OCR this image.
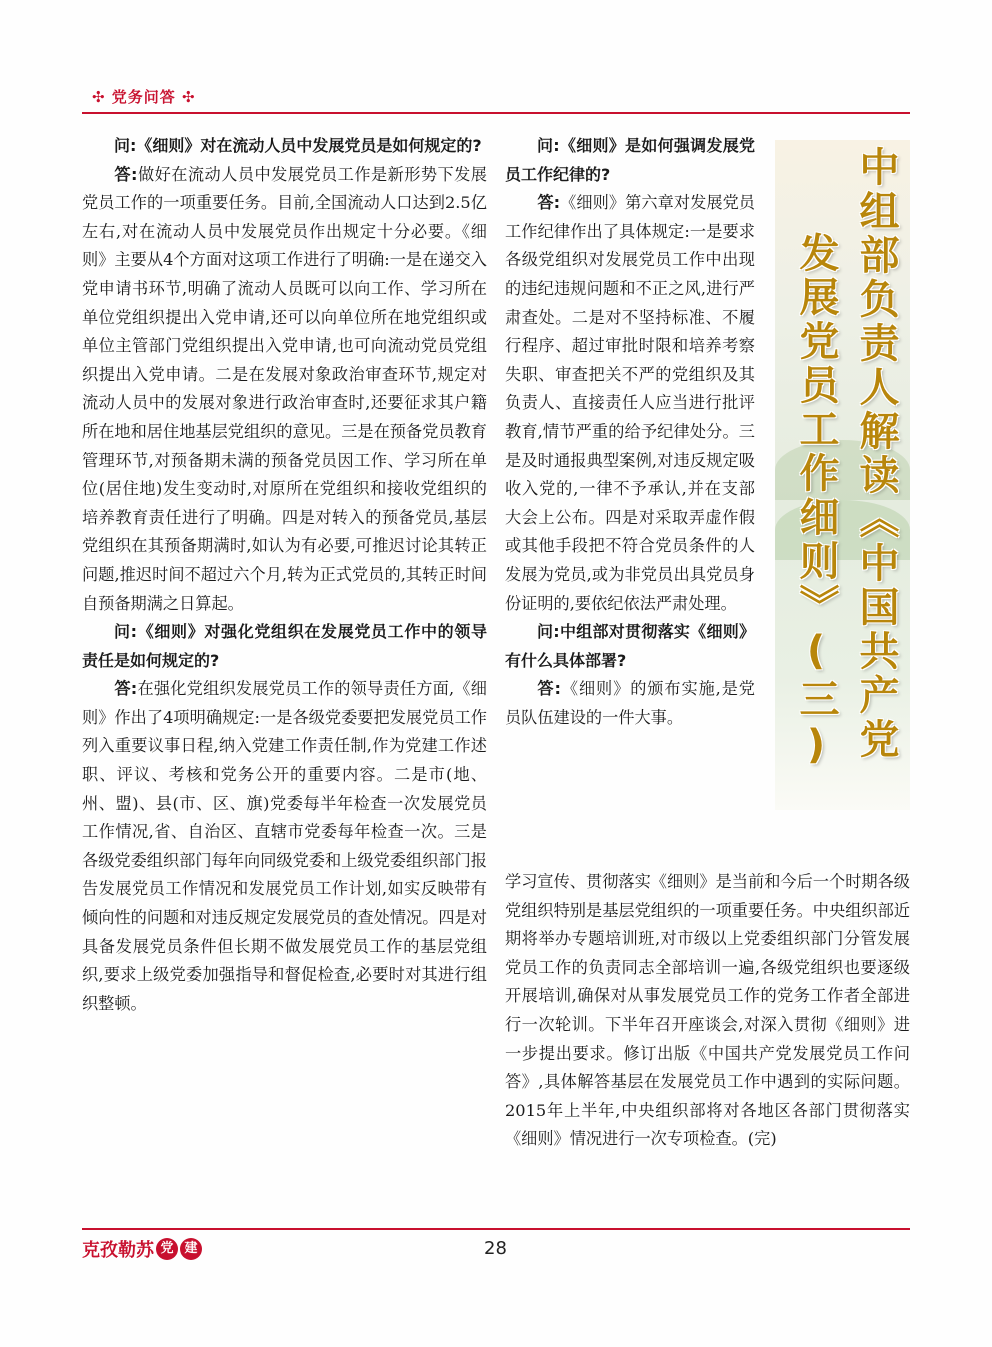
✣ 党务问答 ✣

问:《细则》对在流动人员中发展党员是如何规定的?

答:做好在流动人员中发展党员工作是新形势下发展党员工作的一项重要任务。目前,全国流动人口达到2.5亿左右,对在流动人员中发展党员作出规定十分必要。《细则》主要从4个方面对这项工作进行了明确:一是在递交入党申请书环节,明确了流动人员既可以向工作、学习所在单位党组织提出入党申请,还可以向单位所在地党组织或单位主管部门党组织提出入党申请,也可向流动党员党组织提出入党申请。二是在发展对象政治审查环节,规定对流动人员中的发展对象进行政治审查时,还要征求其户籍所在地和居住地基层党组织的意见。三是在预备党员教育管理环节,对预备期未满的预备党员因工作、学习所在单位(居住地)发生变动时,对原所在党组织和接收党组织的培养教育责任进行了明确。四是对转入的预备党员,基层党组织在其预备期满时,如认为有必要,可推迟讨论其转正问题,推迟时间不超过六个月,转为正式党员的,其转正时间自预备期满之日算起。

问:《细则》对强化党组织在发展党员工作中的领导责任是如何规定的?

答:在强化党组织发展党员工作的领导责任方面,《细则》作出了4项明确规定:一是各级党委要把发展党员工作列入重要议事日程,纳入党建工作责任制,作为党建工作述职、评议、考核和党务公开的重要内容。二是市(地、州、盟)、县(市、区、旗)党委每半年检查一次发展党员工作情况,省、自治区、直辖市党委每年检查一次。三是各级党委组织部门每年向同级党委和上级党委组织部门报告发展党员工作情况和发展党员工作计划,如实反映带有倾向性的问题和对违反规定发展党员的查处情况。四是对具备发展党员条件但长期不做发展党员工作的基层党组织,要求上级党委加强指导和督促检查,必要时对其进行组织整顿。

问:《细则》是如何强调发展党员工作纪律的?

答:《细则》第六章对发展党员工作纪律作出了具体规定:一是要求各级党组织对发展党员工作中出现的违纪违规问题和不正之风,进行严肃查处。二是对不坚持标准、不履行程序、超过审批时限和培养考察失职、审查把关不严的党组织及其负责人、直接责任人应当进行批评教育,情节严重的给予纪律处分。三是及时通报典型案例,对违反规定吸收入党的,一律不予承认,并在支部大会上公布。四是对采取弄虚作假或其他手段把不符合党员条件的人发展为党员,或为非党员出具党员身份证明的,要依纪依法严肃处理。

问:中组部对贯彻落实《细则》有什么具体部署?

答:《细则》的颁布实施,是党员队伍建设的一件大事。

学习宣传、贯彻落实《细则》是当前和今后一个时期各级党组织特别是基层党组织的一项重要任务。中央组织部近期将举办专题培训班,对市级以上党委组织部门分管发展党员工作的负责同志全部培训一遍,各级党组织也要逐级开展培训,确保对从事发展党员工作的党务工作者全部进行一次轮训。下半年召开座谈会,对深入贯彻《细则》进一步提出要求。修订出版《中国共产党发展党员工作问答》,具体解答基层在发展党员工作中遇到的实际问题。2015年上半年,中央组织部将对各地区各部门贯彻落实《细则》情况进行一次专项检查。(完)

中组部负责人解读《中国共产党
发展党员工作细则》(三)
克孜勒苏 党 建	28
